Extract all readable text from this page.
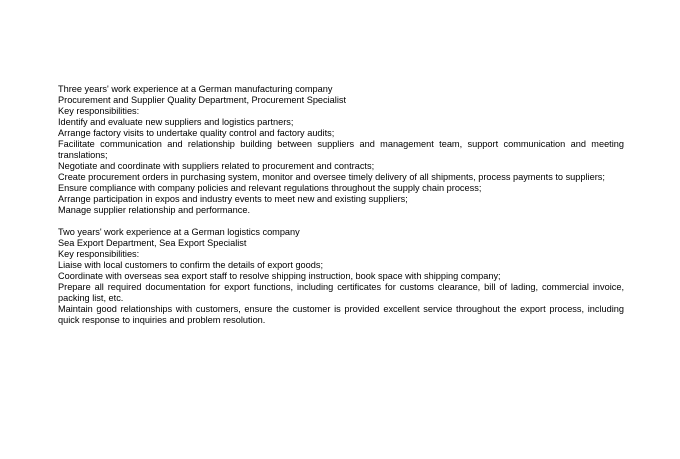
Three years' work experience at a German manufacturing company
Procurement and Supplier Quality Department, Procurement Specialist
Key responsibilities:
Identify and evaluate new suppliers and logistics partners;
Arrange factory visits to undertake quality control and factory audits;
Facilitate communication and relationship building between suppliers and management team, support communication and meeting translations;
Negotiate and coordinate with suppliers related to procurement and contracts;
Create procurement orders in purchasing system, monitor and oversee timely delivery of all shipments, process payments to suppliers;
Ensure compliance with company policies and relevant regulations throughout the supply chain process;
Arrange participation in expos and industry events to meet new and existing suppliers;
Manage supplier relationship and performance.
Two years' work experience at a German logistics company
Sea Export Department, Sea Export Specialist
Key responsibilities:
Liaise with local customers to confirm the details of export goods;
Coordinate with overseas sea export staff to resolve shipping instruction, book space with shipping company;
Prepare all required documentation for export functions, including certificates for customs clearance, bill of lading, commercial invoice, packing list, etc.
Maintain good relationships with customers, ensure the customer is provided excellent service throughout the export process, including quick response to inquiries and problem resolution.
